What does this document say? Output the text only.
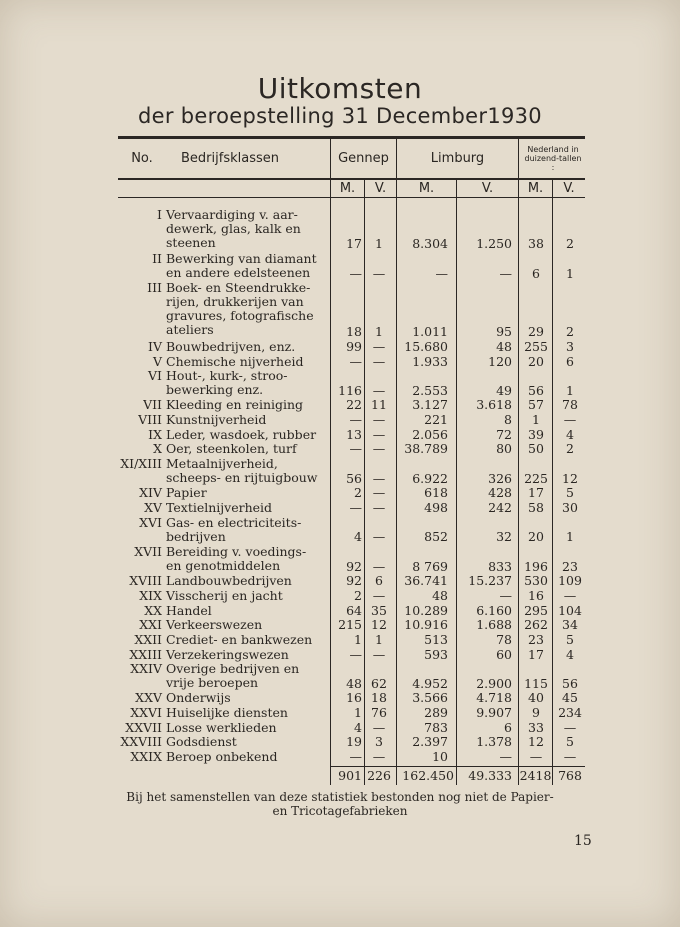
Uitkomsten
der beroepstelling 31 December1930
No.	Bedrijfsklassen	Gennep	Limburg
Nederland in duizend-tallen :
M.	V.	M.	V.	M.	V.
I Vervaardiging v. aar-
dewerk, glas, kalk en
steenen	17	1	8.304	1.250	38	2
II Bewerking van diamant
en andere edelsteenen	— —	—	—	6	1
III Boek- en Steendrukke-
rijen, drukkerijen van
gravures, fotografische
ateliers	18	1	1.011	95	29	2
IV Bouwbedrijven, enz.	99 —	15.680	48 255	3
V Chemische nijverheid	— —	1.933	120	20	6
VI Hout-, kurk-, stroo-
bewerking enz.	116 —	2.553	49	56	1
VII Kleeding en reiniging	22 11	3.127	3.618	57	78
VIII Kunstnijverheid	— —	221	8	1	—
IX Leder, wasdoek, rubber	13 —	2.056	72	39	4
X Oer, steenkolen, turf	— —	38.789	80	50	2
XI/XIII Metaalnijverheid,
scheeps- en rijtuigbouw	56 —	6.922	326 225	12
XIV Papier	2 —	618	428	17	5
XV Textielnijverheid	— —	498	242	58	30
XVI Gas- en electriciteits-
bedrijven	4 —	852	32	20	1
XVII Bereiding v. voedings-
en genotmiddelen	92 —	8 769	833 196	23
XVIII Landbouwbedrijven	92	6	36.741	15.237 530 109
XIX Visscherij en jacht	2 —	48	—	16	—
XX Handel	64 35	10.289	6.160 295 104
XXI Verkeerswezen	215 12	10.916	1.688 262	34
XXII Crediet- en bankwezen	1	1	513	78	23	5
XXIII Verzekeringswezen	— —	593	60	17	4
XXIV Overige bedrijven en
vrije beroepen	48 62	4.952	2.900 115	56
XXV Onderwijs	16 18	3.566	4.718	40	45
XXVI Huiselijke diensten	1 76	289	9.907	9	234
XXVII Losse werklieden	4 —	783	6	33	—
XXVIII Godsdienst	19	3	2.397	1.378	12	5
XXIX Beroep onbekend	— —	10	—	—	—
901 226 162.450	49.333 2418 768
Bij het samenstellen van deze statistiek bestonden nog niet de Papier-
en Tricotagefabrieken
15
